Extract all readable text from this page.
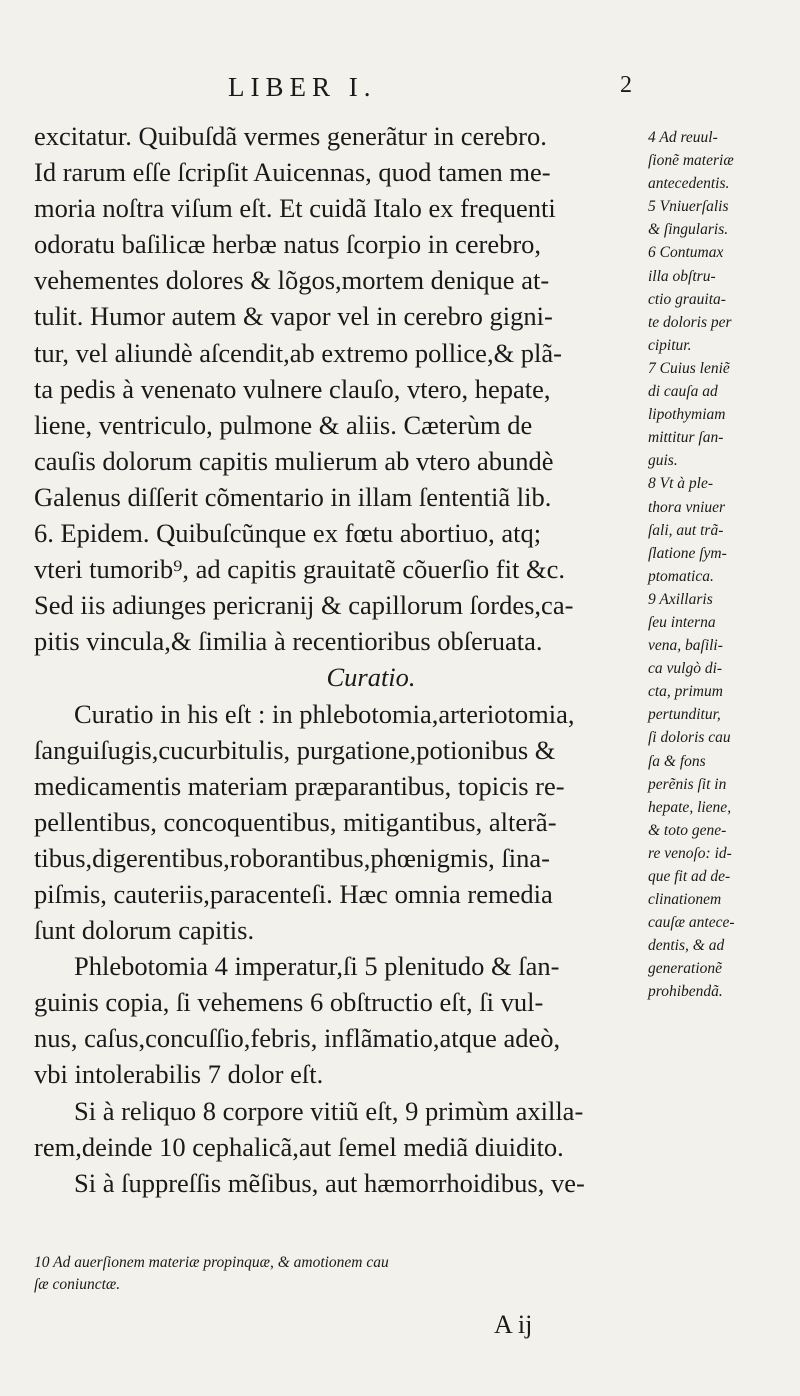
LIBER I.	2
excitatur. Quibuſdã vermes generãtur in cerebro.
Id rarum eſſe ſcripſit Auicennas, quod tamen me-
moria noſtra viſum eſt. Et cuidã Italo ex frequenti
odoratu baſilicæ herbæ natus ſcorpio in cerebro,
vehementes dolores & lõgos,mortem denique at-
tulit. Humor autem & vapor vel in cerebro gigni-
tur, vel aliundè aſcendit,ab extremo pollice,& plã-
ta pedis à venenato vulnere clauſo, vtero, hepate,
liene, ventriculo, pulmone & aliis. Cæterùm de
cauſis dolorum capitis mulierum ab vtero abundè
Galenus diſſerit cõmentario in illam ſententiã lib.
6. Epidem. Quibuſcũnque ex fœtu abortiuo, atq;
vteri tumorib⁹, ad capitis grauitatẽ cõuerſio fit &c.
Sed iis adiunges pericranij & capillorum ſordes,ca-
pitis vincula,& ſimilia à recentioribus obſeruata.
Curatio.
Curatio in his eſt : in phlebotomia,arteriotomia,
ſanguiſugis,cucurbitulis, purgatione,potionibus &
medicamentis materiam præparantibus, topicis re-
pellentibus, concoquentibus, mitigantibus, alterã-
tibus,digerentibus,roborantibus,phœnigmis, ſina-
piſmis, cauteriis,paracenteſi. Hæc omnia remedia
ſunt dolorum capitis.
Phlebotomia 4 imperatur,ſi 5 plenitudo & ſan-
guinis copia, ſi vehemens 6 obſtructio eſt, ſi vul-
nus, caſus,concuſſio,febris, inflãmatio,atque adeò,
vbi intolerabilis 7 dolor eſt.
Si à reliquo 8 corpore vitiũ eſt, 9 primùm axilla-
rem,deinde 10 cephalicã,aut ſemel mediã diuidito.
Si à ſuppreſſis mẽſibus, aut hæmorrhoidibus, ve-
4 Ad reuul-
ſionẽ materiæ
antecedentis.
5 Vniuerſalis
& ſingularis.
6 Contumax
illa obſtru-
ctio grauita-
te doloris per
cipitur.
7 Cuius leniẽ
di cauſa ad
lipothymiam
mittitur ſan-
guis.
8 Vt à ple-
thora vniuer
ſali, aut trã-
ſlatione ſym-
ptomatica.
9 Axillaris
ſeu interna
vena, baſili-
ca vulgò di-
cta, primum
pertunditur,
ſi doloris cau
ſa & fons
perẽnis ſit in
hepate, liene,
& toto gene-
re venoſo: id-
que fit ad de-
clinationem
cauſæ antece-
dentis, & ad
generationẽ
prohibendã.
10 Ad auerſionem materiæ propinquæ, & amotionem cau
ſæ coniunctæ.
A ij
